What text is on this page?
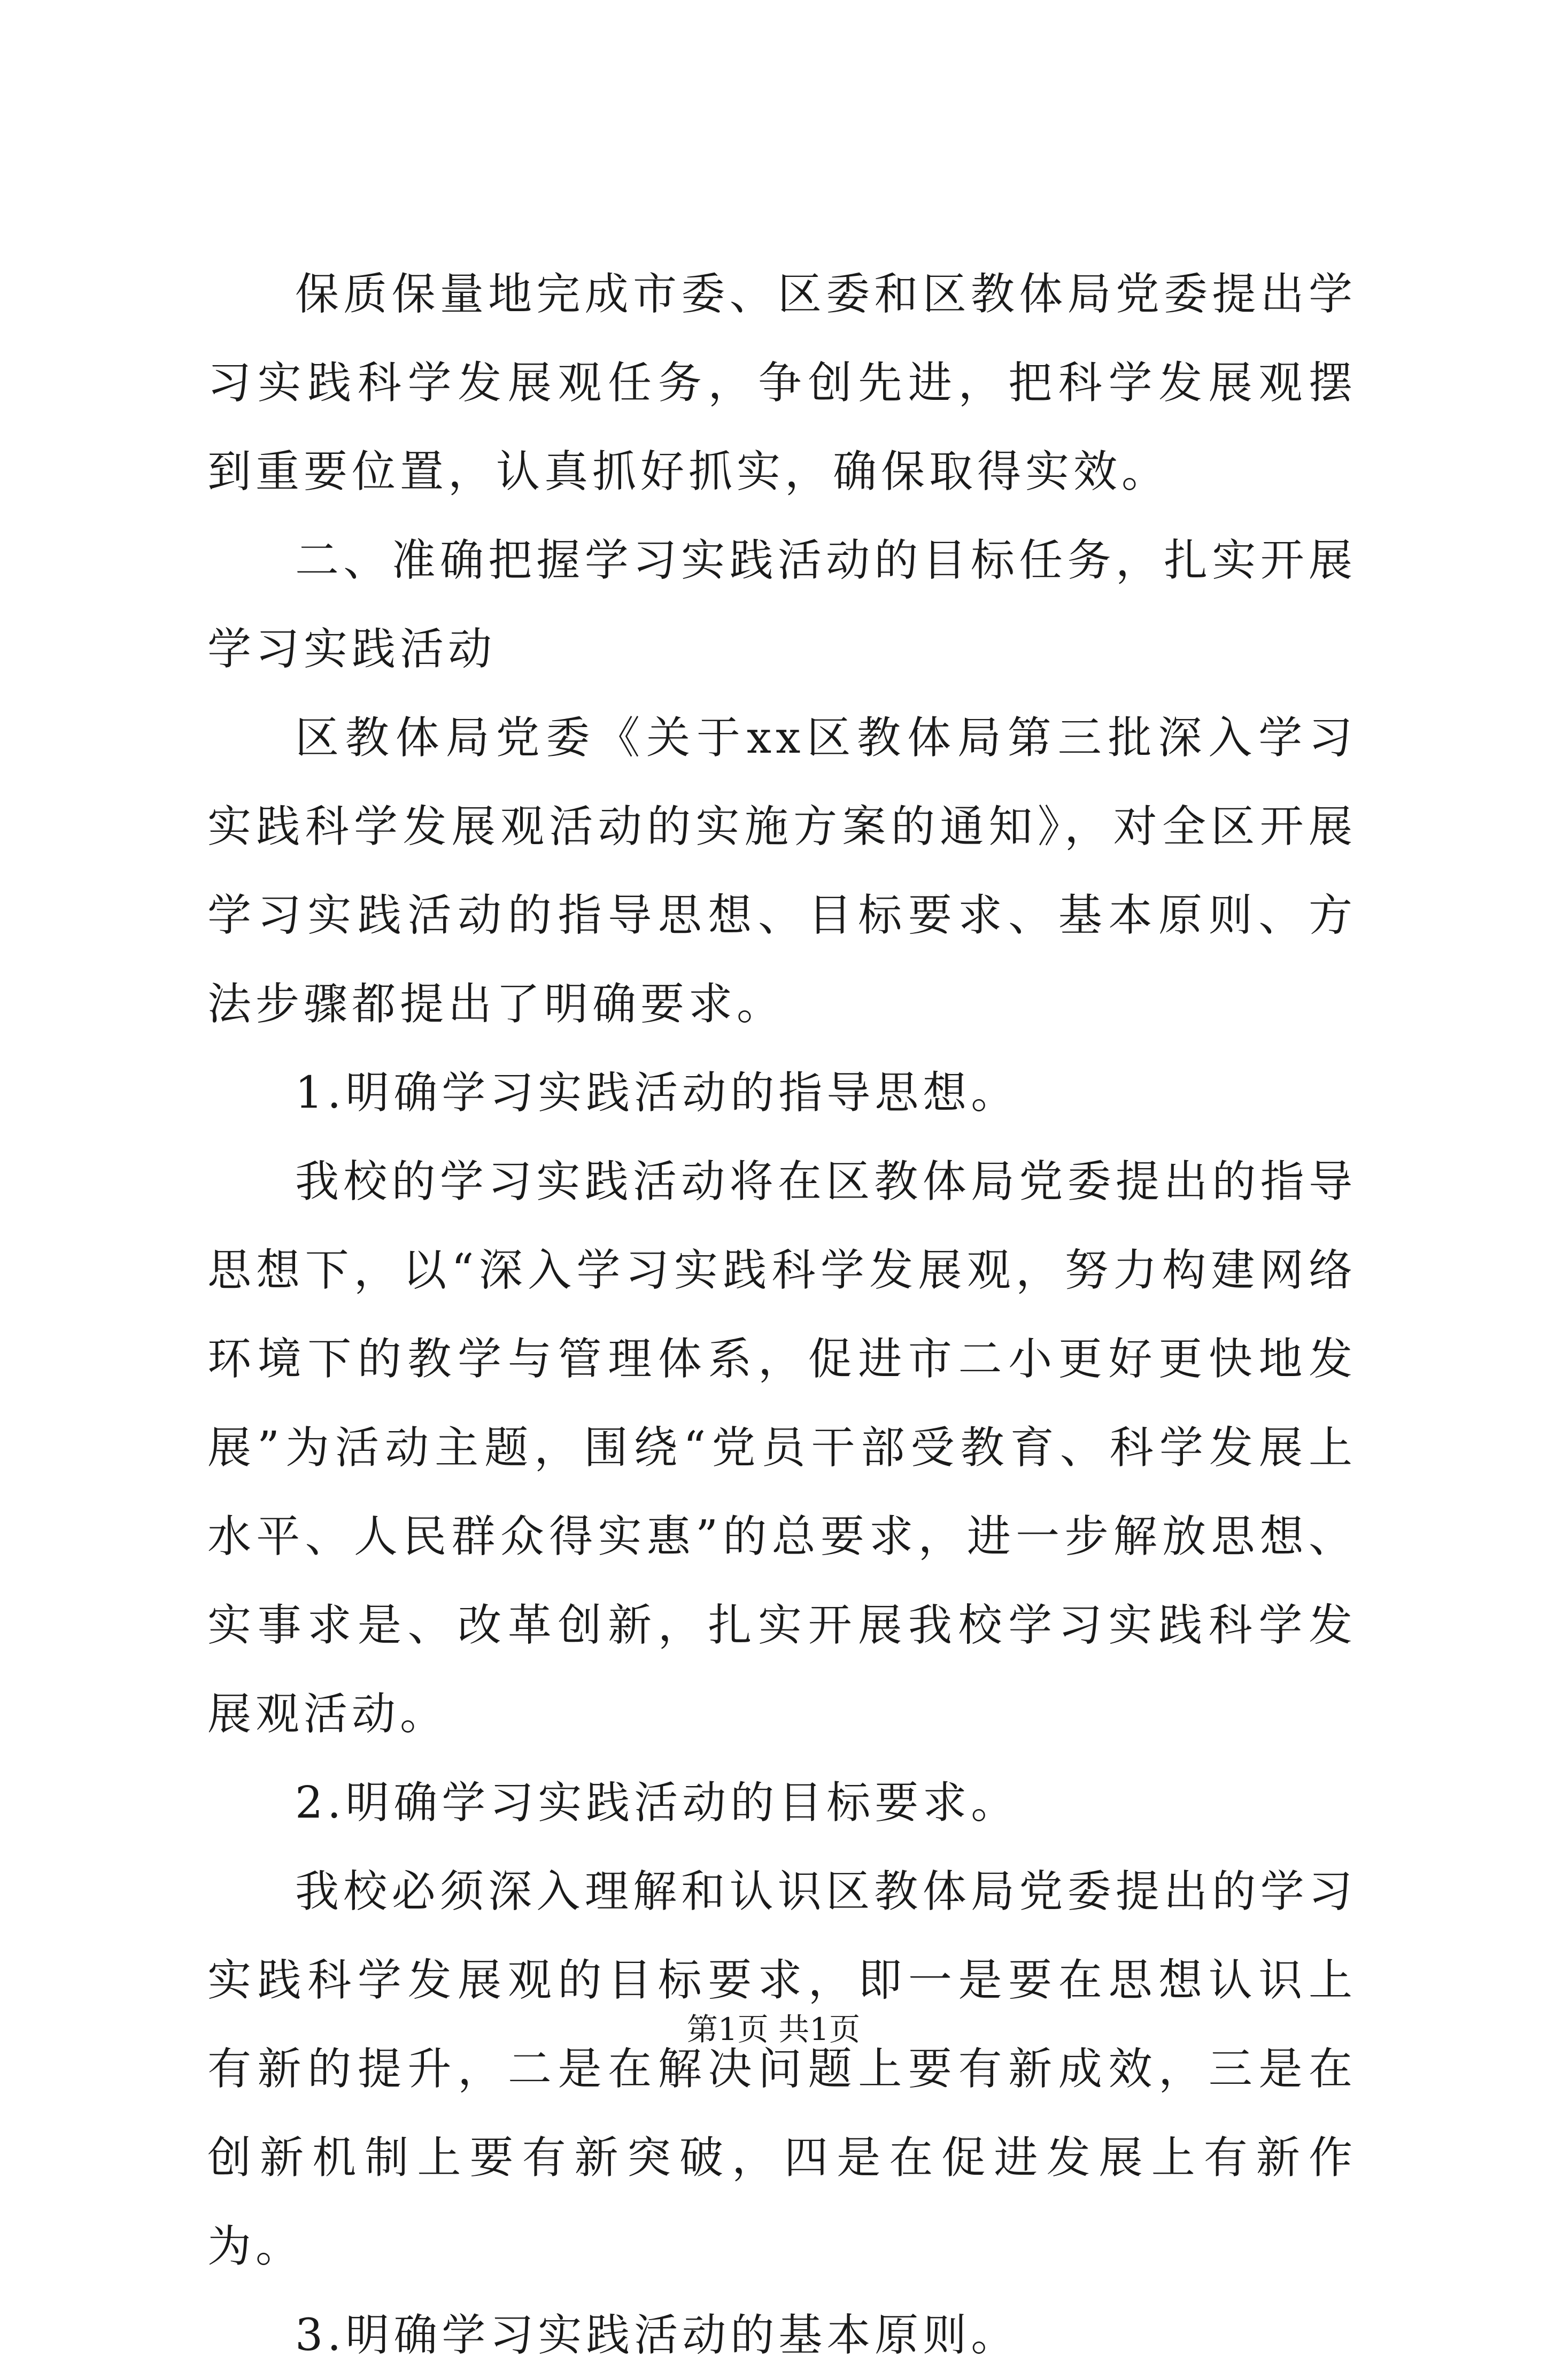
保质保量地完成市委、区委和区教体局党委提出学习实践科学发展观任务，争创先进，把科学发展观摆到重要位置，认真抓好抓实，确保取得实效。

二、准确把握学习实践活动的目标任务，扎实开展学习实践活动

区教体局党委《关于xx区教体局第三批深入学习实践科学发展观活动的实施方案的通知》，对全区开展学习实践活动的指导思想、目标要求、基本原则、方法步骤都提出了明确要求。

1.明确学习实践活动的指导思想。

我校的学习实践活动将在区教体局党委提出的指导思想下，以“深入学习实践科学发展观，努力构建网络环境下的教学与管理体系，促进市二小更好更快地发展”为活动主题，围绕“党员干部受教育、科学发展上水平、人民群众得实惠”的总要求，进一步解放思想、实事求是、改革创新，扎实开展我校学习实践科学发展观活动。

2.明确学习实践活动的目标要求。

我校必须深入理解和认识区教体局党委提出的学习实践科学发展观的目标要求，即一是要在思想认识上有新的提升，二是在解决问题上要有新成效，三是在创新机制上要有新突破，四是在促进发展上有新作为。

3.明确学习实践活动的基本原则。

第1页 共1页
